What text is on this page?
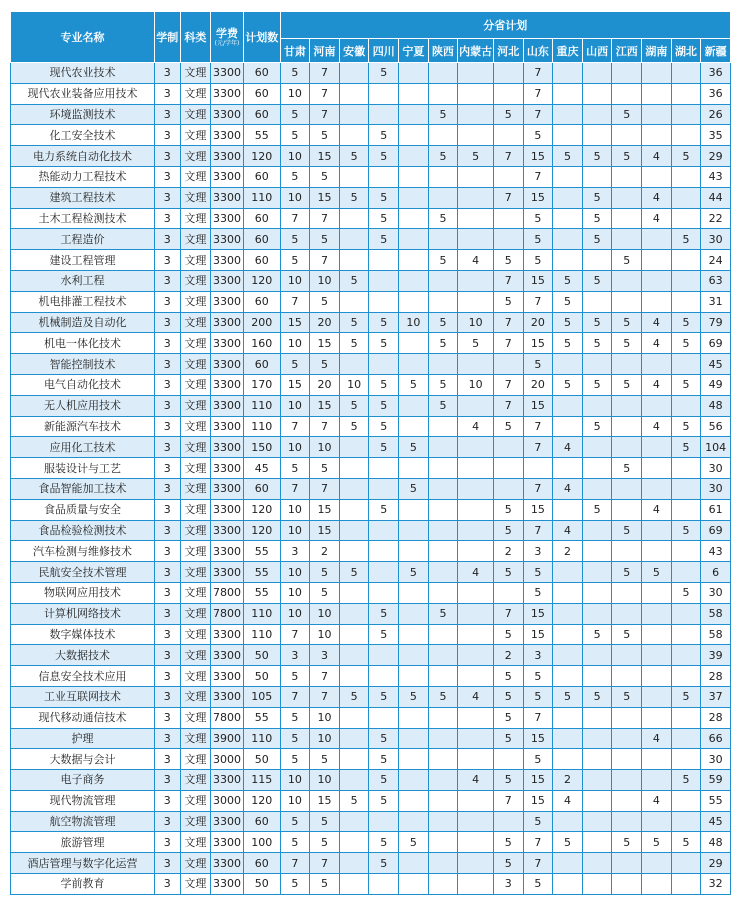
专业名称	学制	科类	学费
(元/学年)	计划数	分省计划														
					甘肃	河南	安徽	四川	宁夏	陕西	内蒙古	河北	山东	重庆	山西	江西	湖南	湖北	新疆
现代农业技术	3	文理	3300	60	5	7		5					7						36
现代农业装备应用技术	3	文理	3300	60	10	7							7						36
环境监测技术	3	文理	3300	60	5	7				5		5	7			5			26
化工安全技术	3	文理	3300	55	5	5		5					5						35
电力系统自动化技术	3	文理	3300	120	10	15	5	5		5	5	7	15	5	5	5	4	5	29
热能动力工程技术	3	文理	3300	60	5	5							7						43
建筑工程技术	3	文理	3300	110	10	15	5	5				7	15		5		4		44
土木工程检测技术	3	文理	3300	60	7	7		5		5			5		5		4		22
工程造价	3	文理	3300	60	5	5		5					5		5			5	30
建设工程管理	3	文理	3300	60	5	7				5	4	5	5			5			24
水利工程	3	文理	3300	120	10	10	5					7	15	5	5				63
机电排灌工程技术	3	文理	3300	60	7	5						5	7	5					31
机械制造及自动化	3	文理	3300	200	15	20	5	5	10	5	10	7	20	5	5	5	4	5	79
机电一体化技术	3	文理	3300	160	10	15	5	5		5	5	7	15	5	5	5	4	5	69
智能控制技术	3	文理	3300	60	5	5							5						45
电气自动化技术	3	文理	3300	170	15	20	10	5	5	5	10	7	20	5	5	5	4	5	49
无人机应用技术	3	文理	3300	110	10	15	5	5		5		7	15						48
新能源汽车技术	3	文理	3300	110	7	7	5	5			4	5	7		5		4	5	56
应用化工技术	3	文理	3300	150	10	10		5	5				7	4				5	104
服装设计与工艺	3	文理	3300	45	5	5										5			30
食品智能加工技术	3	文理	3300	60	7	7			5				7	4					30
食品质量与安全	3	文理	3300	120	10	15		5				5	15		5		4		61
食品检验检测技术	3	文理	3300	120	10	15						5	7	4		5		5	69
汽车检测与维修技术	3	文理	3300	55	3	2						2	3	2					43
民航安全技术管理	3	文理	3300	55	10	5	5		5		4	5	5			5	5		6
物联网应用技术	3	文理	7800	55	10	5							5					5	30
计算机网络技术	3	文理	7800	110	10	10		5		5		7	15						58
数字媒体技术	3	文理	3300	110	7	10		5				5	15		5	5			58
大数据技术	3	文理	3300	50	3	3						2	3						39
信息安全技术应用	3	文理	3300	50	5	7						5	5						28
工业互联网技术	3	文理	3300	105	7	7	5	5	5	5	4	5	5	5	5	5		5	37
现代移动通信技术	3	文理	7800	55	5	10						5	7						28
护理	3	文理	3900	110	5	10		5				5	15				4		66
大数据与会计	3	文理	3000	50	5	5		5					5						30
电子商务	3	文理	3300	115	10	10		5			4	5	15	2				5	59
现代物流管理	3	文理	3000	120	10	15	5	5				7	15	4			4		55
航空物流管理	3	文理	3300	60	5	5							5						45
旅游管理	3	文理	3300	100	5	5		5	5			5	7	5		5	5	5	48
酒店管理与数字化运营	3	文理	3300	60	7	7		5				5	7						29
学前教育	3	文理	3300	50	5	5						3	5						32
